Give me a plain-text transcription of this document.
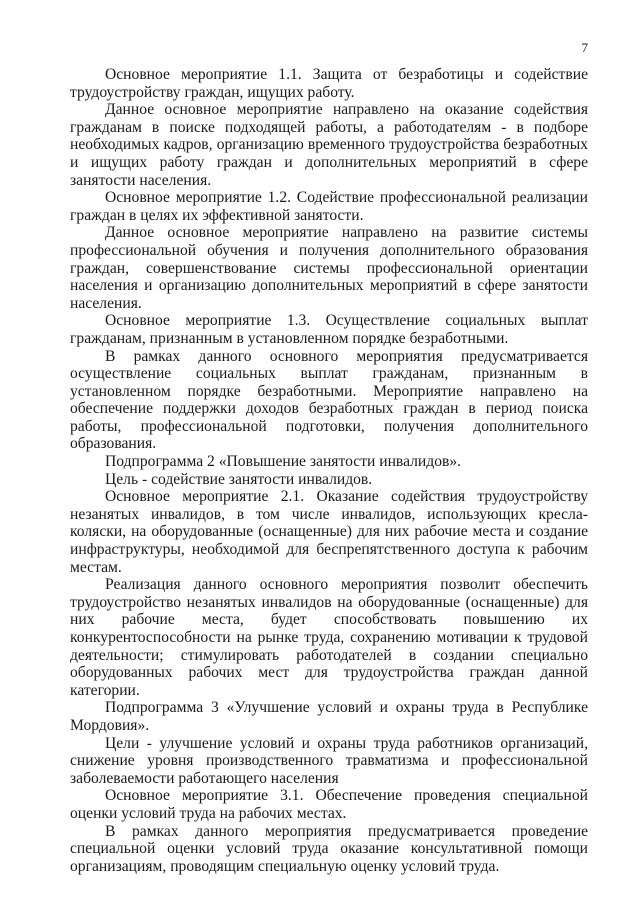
7

Основное мероприятие 1.1. Защита от безработицы и содействие трудоустройству граждан, ищущих работу.

Данное основное мероприятие направлено на оказание содействия гражданам в поиске подходящей работы, а работодателям - в подборе необходимых кадров, организацию временного трудоустройства безработных и ищущих работу граждан и дополнительных мероприятий в сфере занятости населения.

Основное мероприятие 1.2. Содействие профессиональной реализации граждан в целях их эффективной занятости.

Данное основное мероприятие направлено на развитие системы профессиональной обучения и получения дополнительного образования граждан, совершенствование системы профессиональной ориентации населения и организацию дополнительных мероприятий в сфере занятости населения.

Основное мероприятие 1.3. Осуществление социальных выплат гражданам, признанным в установленном порядке безработными.

В рамках данного основного мероприятия предусматривается осуществление социальных выплат гражданам, признанным в установленном порядке безработными. Мероприятие направлено на обеспечение поддержки доходов безработных граждан в период поиска работы, профессиональной подготовки, получения дополнительного образования.

Подпрограмма 2 «Повышение занятости инвалидов».

Цель - содействие занятости инвалидов.

Основное мероприятие 2.1. Оказание содействия трудоустройству незанятых инвалидов, в том числе инвалидов, использующих кресла-коляски, на оборудованные (оснащенные) для них рабочие места и создание инфраструктуры, необходимой для беспрепятственного доступа к рабочим местам.

Реализация данного основного мероприятия позволит обеспечить трудоустройство незанятых инвалидов на оборудованные (оснащенные) для них рабочие места, будет способствовать повышению их конкурентоспособности на рынке труда, сохранению мотивации к трудовой деятельности; стимулировать работодателей в создании специально оборудованных рабочих мест для трудоустройства граждан данной категории.

Подпрограмма 3 «Улучшение условий и охраны труда в Республике Мордовия».

Цели - улучшение условий и охраны труда работников организаций, снижение уровня производственного травматизма и профессиональной заболеваемости работающего населения

Основное мероприятие 3.1. Обеспечение проведения специальной оценки условий труда на рабочих местах.

В рамках данного мероприятия предусматривается проведение специальной оценки условий труда оказание консультативной помощи организациям, проводящим специальную оценку условий труда.
